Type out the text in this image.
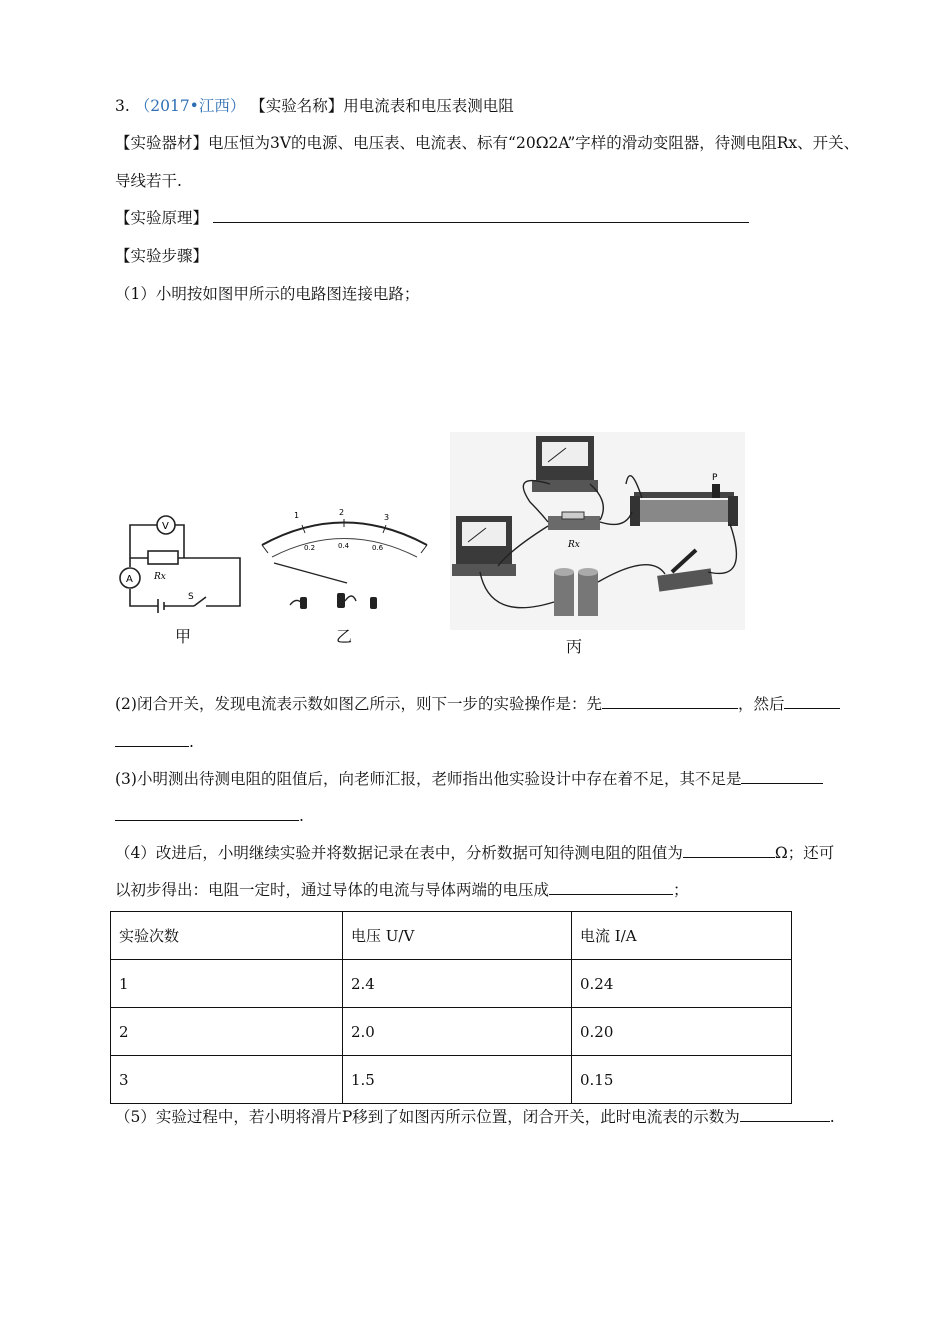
3. （2017•江西） 【实验名称】用电流表和电压表测电阻
【实验器材】电压恒为3V的电源、电压表、电流表、标有“20Ω2A”字样的滑动变阻器，待测电阻Rx、开关、
导线若干.
【实验原理】
【实验步骤】
（1）小明按如图甲所示的电路图连接电路；
V
A Rx
S
甲
1	2
3
0.2	0.4	0.6
乙
Rx
P
丙
(2)闭合开关，发现电流表示数如图乙所示，则下一步的实验操作是：先	，然后
.
(3)小明测出待测电阻的阻值后，向老师汇报，老师指出他实验设计中存在着不足，其不足是
.
（4）改进后，小明继续实验并将数据记录在表中，分析数据可知待测电阻的阻值为	Ω；还可
以初步得出：电阻一定时，通过导体的电流与导体两端的电压成	；
实验次数	电压 U/V	电流 I/A
1	2.4	0.24
2	2.0	0.20
3	1.5	0.15
（5）实验过程中，若小明将滑片P移到了如图丙所示位置，闭合开关，此时电流表的示数为	.
